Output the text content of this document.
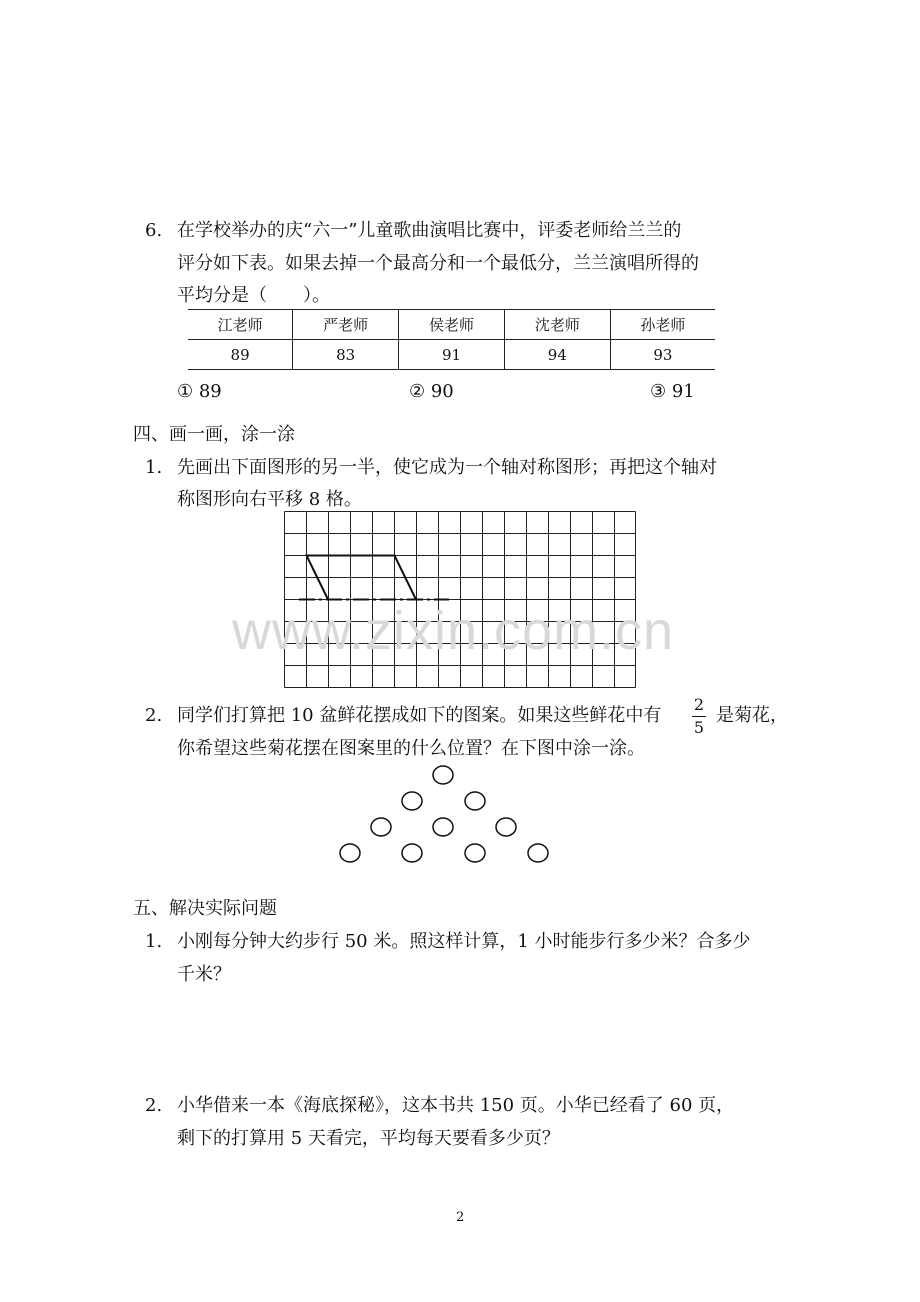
6. 在学校举办的庆“六一”儿童歌曲演唱比赛中，评委老师给兰兰的
评分如下表。如果去掉一个最高分和一个最低分，兰兰演唱所得的
平均分是（　　）。
江老师	严老师	侯老师	沈老师	孙老师
89	83	91	94	93
① 89	② 90	③ 91
四、画一画，涂一涂
1. 先画出下面图形的另一半，使它成为一个轴对称图形；再把这个轴对
称图形向右平移 8 格。
www.zixin.com.cn
2. 同学们打算把 10 盆鲜花摆成如下的图案。如果这些鲜花中有
2
5
是菊花，
你希望这些菊花摆在图案里的什么位置？在下图中涂一涂。
五、解决实际问题
1. 小刚每分钟大约步行 50 米。照这样计算，1 小时能步行多少米？合多少
千米？
2. 小华借来一本《海底探秘》，这本书共 150 页。小华已经看了 60 页，
剩下的打算用 5 天看完，平均每天要看多少页？
2
